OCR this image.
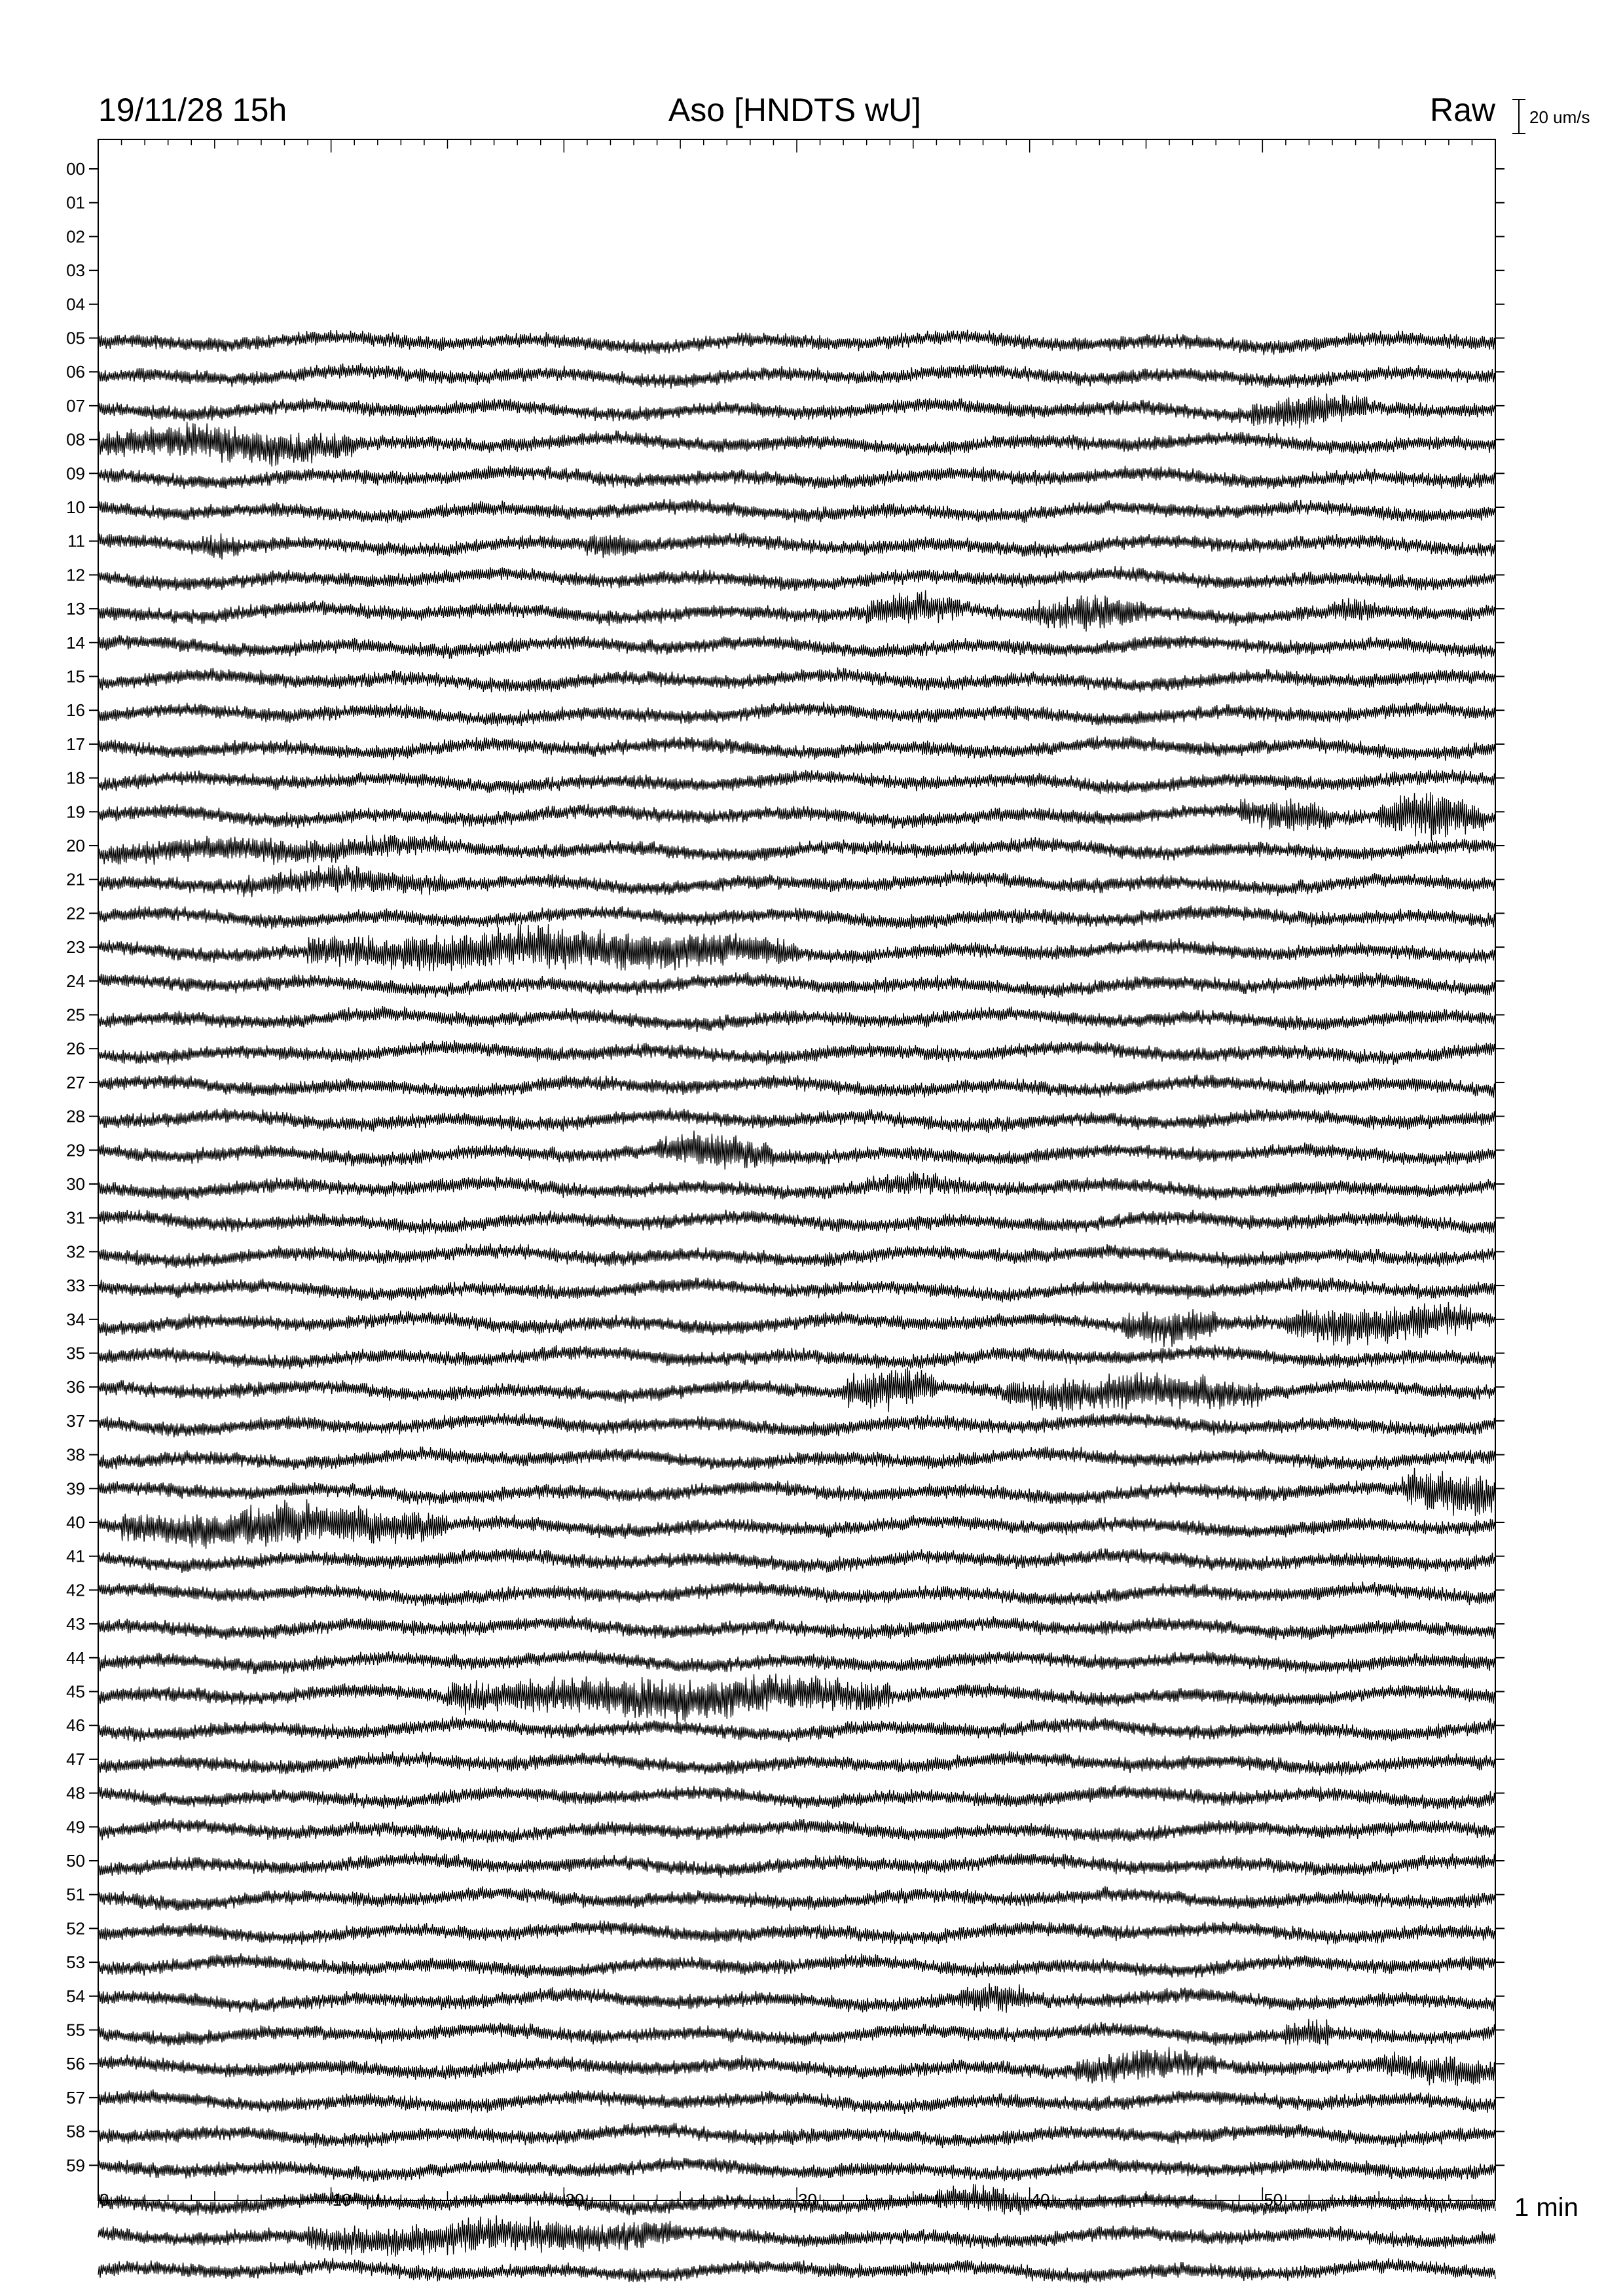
19/11/28 15h	Aso [HNDTS wU]	Raw 20 um/s
00
01
02
03
04
05
06
07
08
09
10
11
12
13
14
15
16
17
18
19
20
21
22
23
24
25
26
27
28
29
30
31
32
33
34
35
36
37
38
39
40
41
42
43
44
45
46
47
48
49
50
51
52
53
54
55
56
57
58
59
0	10	20	30	40	50	1 min
